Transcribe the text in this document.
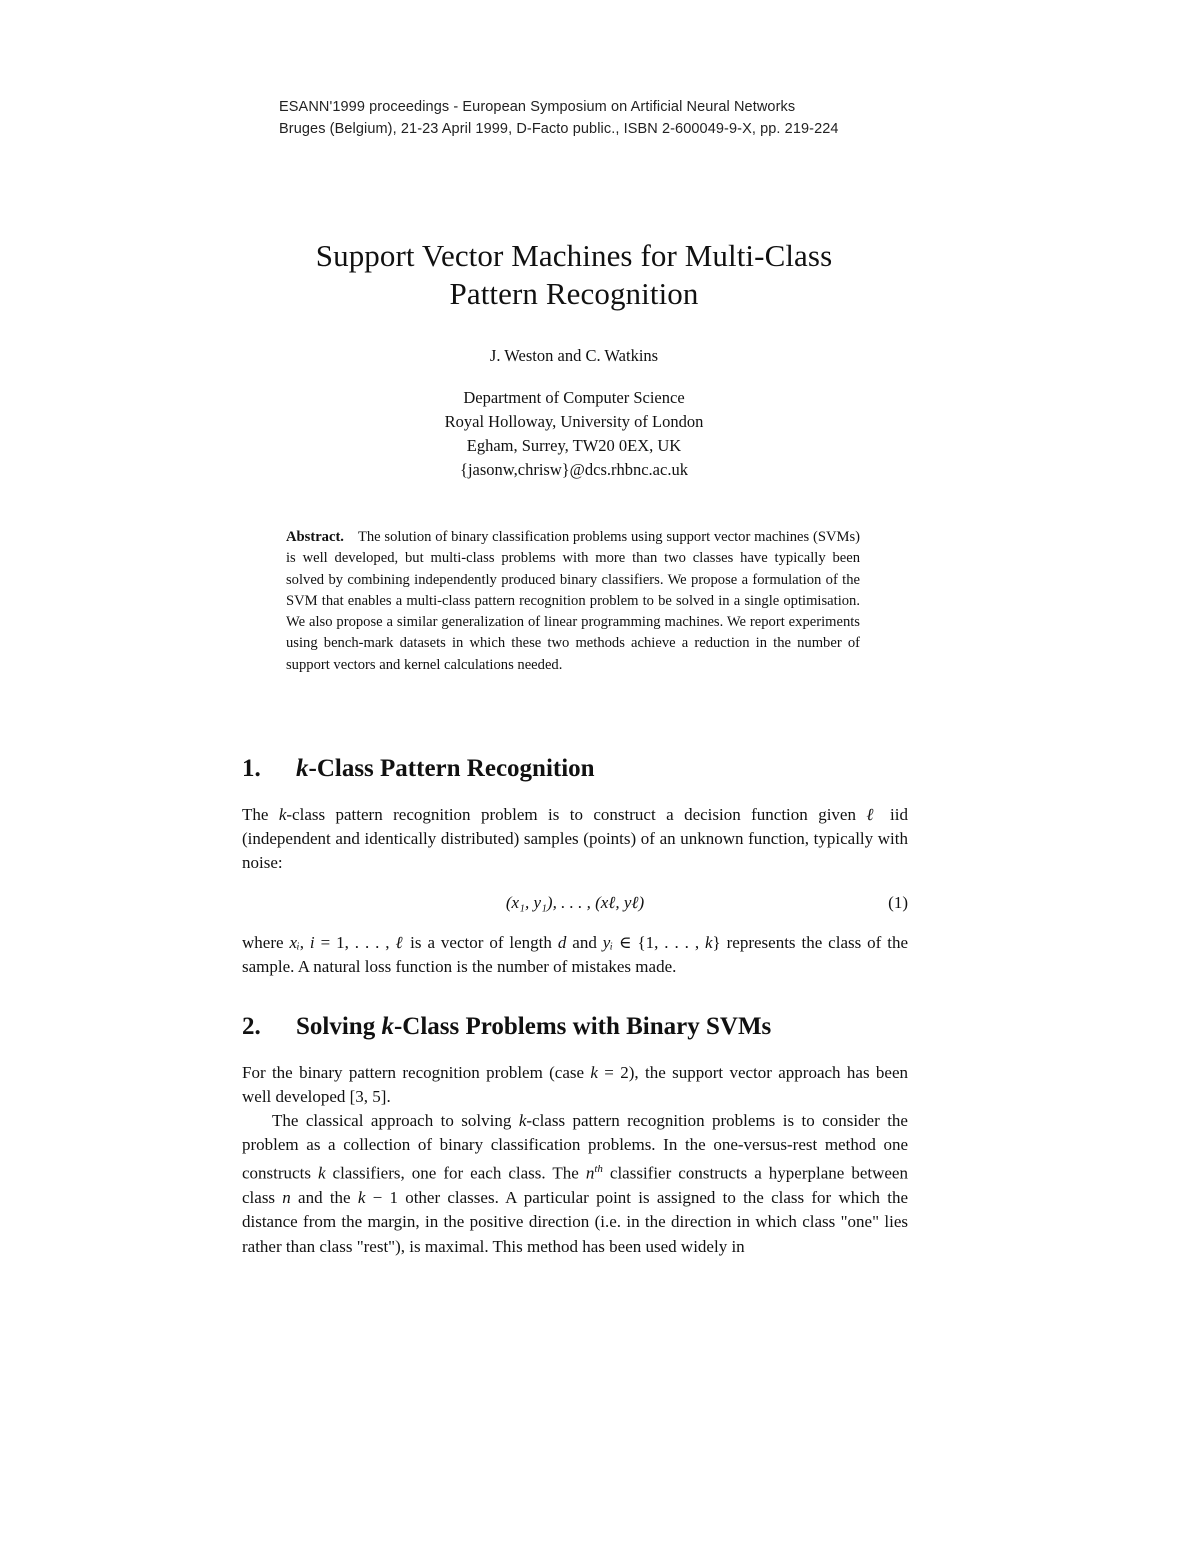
ESANN'1999 proceedings - European Symposium on Artificial Neural Networks
Bruges (Belgium), 21-23 April 1999, D-Facto public., ISBN 2-600049-9-X, pp. 219-224
Support Vector Machines for Multi-Class
Pattern Recognition
J. Weston and C. Watkins
Department of Computer Science
Royal Holloway, University of London
Egham, Surrey, TW20 0EX, UK
{jasonw,chrisw}@dcs.rhbnc.ac.uk
Abstract. The solution of binary classification problems using support vector machines (SVMs) is well developed, but multi-class problems with more than two classes have typically been solved by combining independently produced binary classifiers. We propose a formulation of the SVM that enables a multi-class pattern recognition problem to be solved in a single optimisation. We also propose a similar generalization of linear programming machines. We report experiments using bench-mark datasets in which these two methods achieve a reduction in the number of support vectors and kernel calculations needed.
1. k-Class Pattern Recognition
The k-class pattern recognition problem is to construct a decision function given ℓ iid (independent and identically distributed) samples (points) of an unknown function, typically with noise:
(x₁, y₁), . . . , (xℓ, yℓ)	(1)
where xᵢ, i = 1, . . . , ℓ is a vector of length d and yᵢ ∈ {1, . . . , k} represents the class of the sample. A natural loss function is the number of mistakes made.
2. Solving k-Class Problems with Binary SVMs
For the binary pattern recognition problem (case k = 2), the support vector approach has been well developed [3, 5].
The classical approach to solving k-class pattern recognition problems is to consider the problem as a collection of binary classification problems. In the one-versus-rest method one constructs k classifiers, one for each class. The $n^{th}$ classifier constructs a hyperplane between class n and the k − 1 other classes. A particular point is assigned to the class for which the distance from the margin, in the positive direction (i.e. in the direction in which class "one" lies rather than class "rest"), is maximal. This method has been used widely in
